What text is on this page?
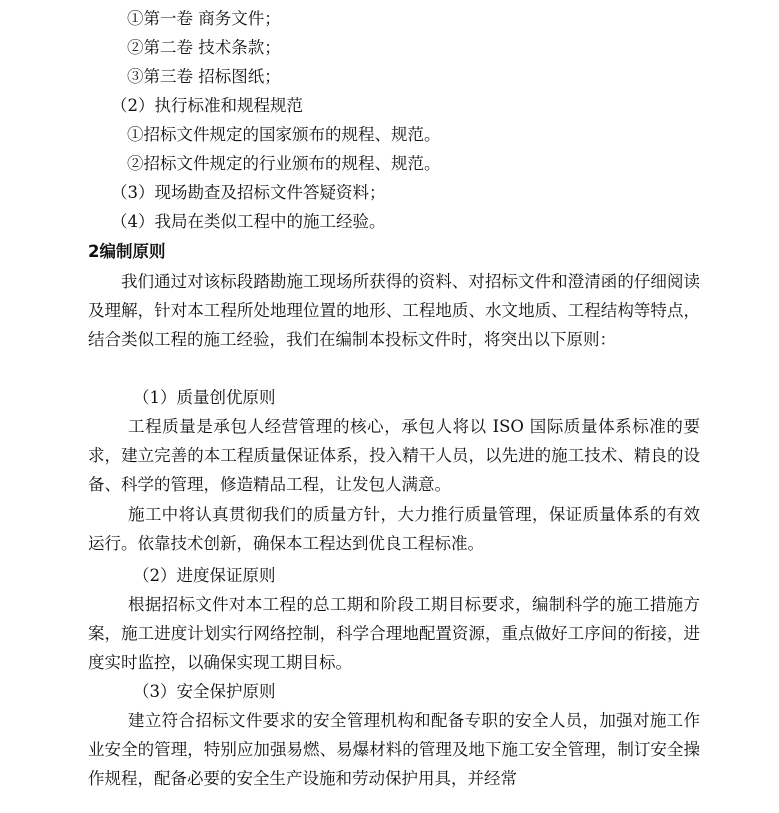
①第一卷 商务文件；
②第二卷 技术条款；
③第三卷 招标图纸；
（2）执行标准和规程规范
①招标文件规定的国家颁布的规程、规范。
②招标文件规定的行业颁布的规程、规范。
（3）现场勘查及招标文件答疑资料；
（4）我局在类似工程中的施工经验。
2编制原则

我们通过对该标段踏勘施工现场所获得的资料、对招标文件和澄清函的仔细阅读及理解，针对本工程所处地理位置的地形、工程地质、水文地质、工程结构等特点，结合类似工程的施工经验，我们在编制本投标文件时，将突出以下原则：

（1）质量创优原则

工程质量是承包人经营管理的核心，承包人将以 ISO 国际质量体系标准的要求，建立完善的本工程质量保证体系，投入精干人员，以先进的施工技术、精良的设备、科学的管理，修造精品工程，让发包人满意。

施工中将认真贯彻我们的质量方针，大力推行质量管理，保证质量体系的有效运行。依靠技术创新，确保本工程达到优良工程标准。

（2）进度保证原则

根据招标文件对本工程的总工期和阶段工期目标要求，编制科学的施工措施方案，施工进度计划实行网络控制，科学合理地配置资源，重点做好工序间的衔接，进度实时监控，以确保实现工期目标。

（3）安全保护原则

建立符合招标文件要求的安全管理机构和配备专职的安全人员，加强对施工作业安全的管理，特别应加强易燃、易爆材料的管理及地下施工安全管理，制订安全操作规程，配备必要的安全生产设施和劳动保护用具，并经常
